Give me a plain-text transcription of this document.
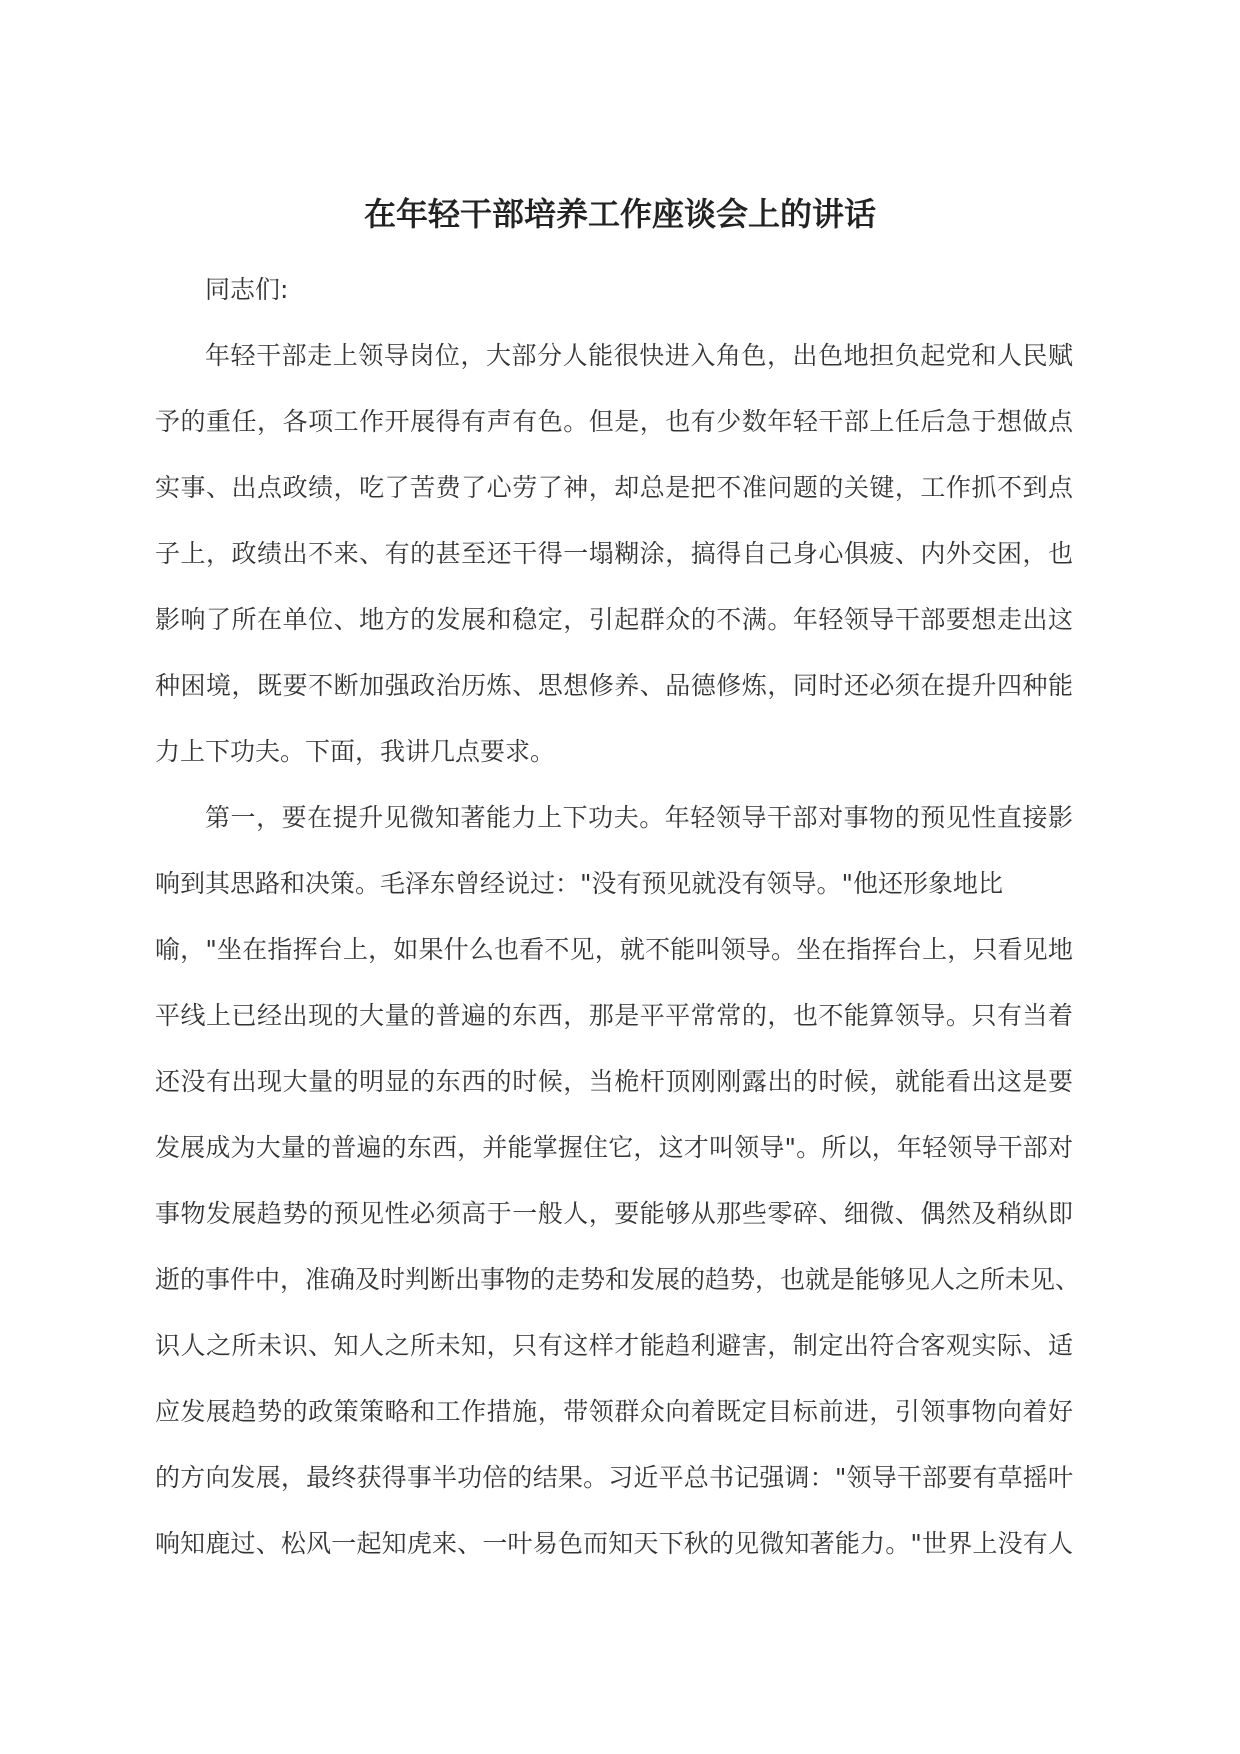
在年轻干部培养工作座谈会上的讲话
同志们:
年轻干部走上领导岗位，大部分人能很快进入角色，出色地担负起党和人民赋
予的重任，各项工作开展得有声有色。但是，也有少数年轻干部上任后急于想做点
实事、出点政绩，吃了苦费了心劳了神，却总是把不准问题的关键，工作抓不到点
子上，政绩出不来、有的甚至还干得一塌糊涂，搞得自己身心俱疲、内外交困，也
影响了所在单位、地方的发展和稳定，引起群众的不满。年轻领导干部要想走出这
种困境，既要不断加强政治历炼、思想修养、品德修炼，同时还必须在提升四种能
力上下功夫。下面，我讲几点要求。
第一，要在提升见微知著能力上下功夫。年轻领导干部对事物的预见性直接影
响到其思路和决策。毛泽东曾经说过："没有预见就没有领导。"他还形象地比
喻，"坐在指挥台上，如果什么也看不见，就不能叫领导。坐在指挥台上，只看见地
平线上已经出现的大量的普遍的东西，那是平平常常的，也不能算领导。只有当着
还没有出现大量的明显的东西的时候，当桅杆顶刚刚露出的时候，就能看出这是要
发展成为大量的普遍的东西，并能掌握住它，这才叫领导"。所以，年轻领导干部对
事物发展趋势的预见性必须高于一般人，要能够从那些零碎、细微、偶然及稍纵即
逝的事件中，准确及时判断出事物的走势和发展的趋势，也就是能够见人之所未见、
识人之所未识、知人之所未知，只有这样才能趋利避害，制定出符合客观实际、适
应发展趋势的政策策略和工作措施，带领群众向着既定目标前进，引领事物向着好
的方向发展，最终获得事半功倍的结果。习近平总书记强调："领导干部要有草摇叶
响知鹿过、松风一起知虎来、一叶易色而知天下秋的见微知著能力。"世界上没有人
